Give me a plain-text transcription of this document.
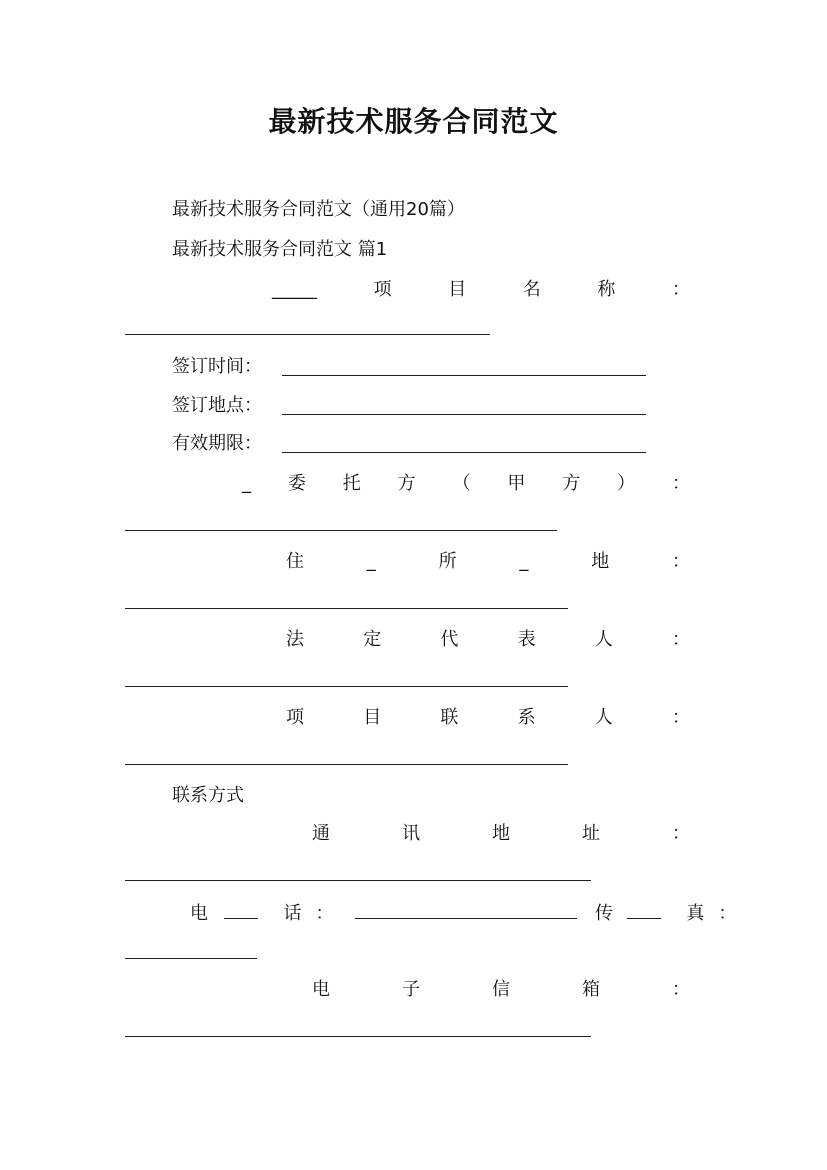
最新技术服务合同范文
最新技术服务合同范文（通用20篇）
最新技术服务合同范文 篇1
_____	项	目	名	称	：
签订时间：
签订地点：
有效期限：
_ 委 托 方 （ 甲 方 ） ：
住	_	所	_	地	：
法	定	代	表	人	：
项	目	联	系	人	：
联系方式
通	讯	地	址	：
电	话：	传	真：
电	子	信	箱	：
